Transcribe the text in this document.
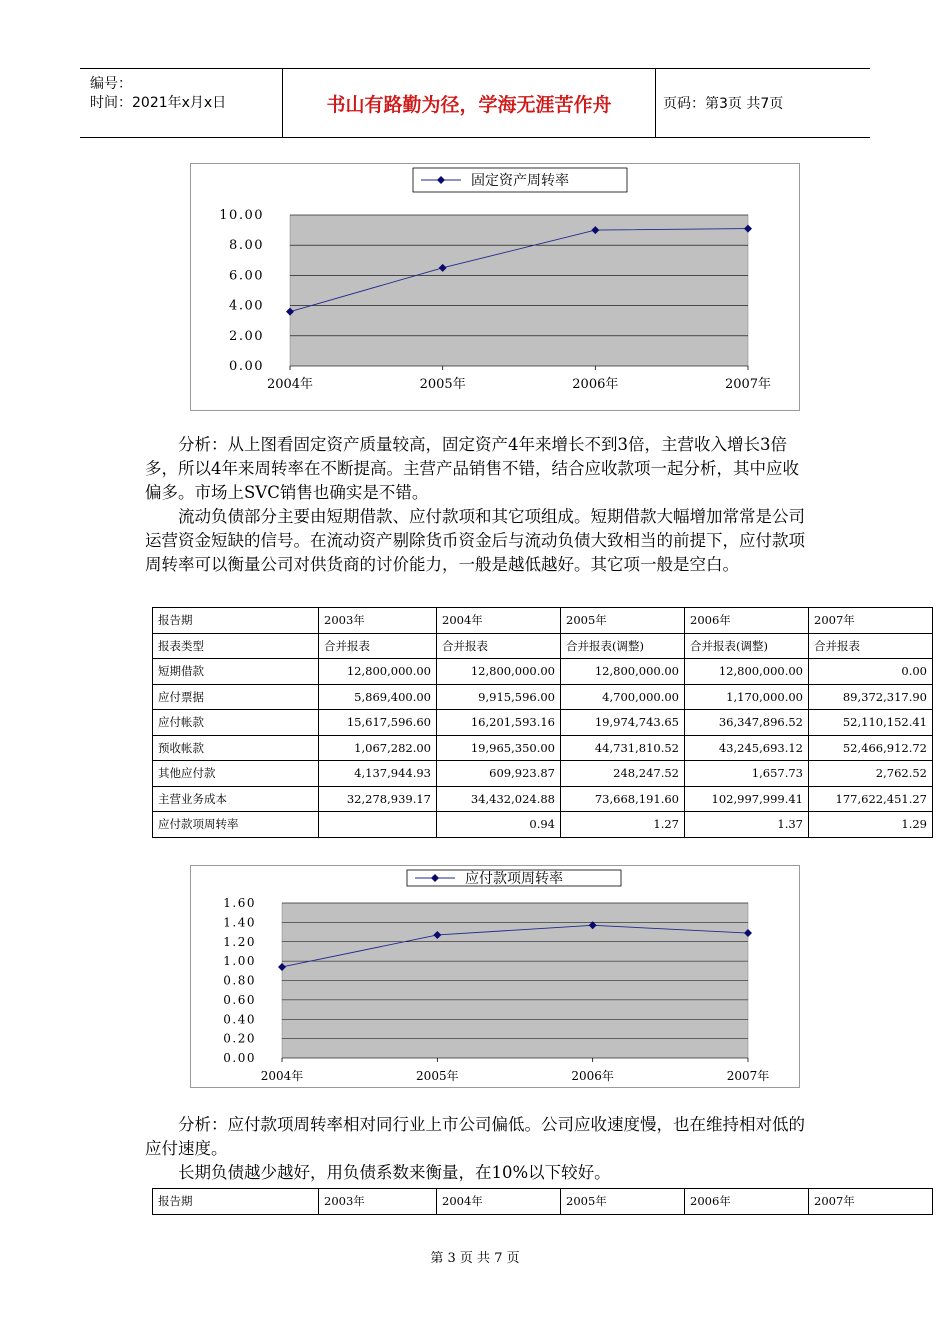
编号：
时间：2021年x月x日	书山有路勤为径，学海无涯苦作舟	页码：第3页 共7页
10.00
8.00
6.00
4.00
2.00
0.00
2004年	2005年	2006年	2007年
固定资产周转率

分析：从上图看固定资产质量较高，固定资产4年来增长不到3倍，主营收入增长3倍多，所以4年来周转率在不断提高。主营产品销售不错，结合应收款项一起分析，其中应收偏多。市场上SVC销售也确实是不错。

流动负债部分主要由短期借款、应付款项和其它项组成。短期借款大幅增加常常是公司运营资金短缺的信号。在流动资产剔除货币资金后与流动负债大致相当的前提下，应付款项周转率可以衡量公司对供货商的讨价能力，一般是越低越好。其它项一般是空白。

报告期	2003年	2004年	2005年	2006年	2007年
报表类型	合并报表	合并报表	合并报表(调整)	合并报表(调整)	合并报表
短期借款	12,800,000.00	12,800,000.00	12,800,000.00	12,800,000.00	0.00
应付票据	5,869,400.00	9,915,596.00	4,700,000.00	1,170,000.00	89,372,317.90
应付帐款	15,617,596.60	16,201,593.16	19,974,743.65	36,347,896.52	52,110,152.41
预收帐款	1,067,282.00	19,965,350.00	44,731,810.52	43,245,693.12	52,466,912.72
其他应付款	4,137,944.93	609,923.87	248,247.52	1,657.73	2,762.52
主营业务成本	32,278,939.17	34,432,024.88	73,668,191.60	102,997,999.41	177,622,451.27
应付款项周转率		0.94	1.27	1.37	1.29
1.60
1.40
1.20
1.00
0.80
0.60
0.40
0.20
0.00
2004年	2005年	2006年	2007年
应付款项周转率

分析：应付款项周转率相对同行业上市公司偏低。公司应收速度慢，也在维持相对低的应付速度。

长期负债越少越好，用负债系数来衡量，在10%以下较好。

报告期	2003年	2004年	2005年	2006年	2007年
第 3 页 共 7 页
